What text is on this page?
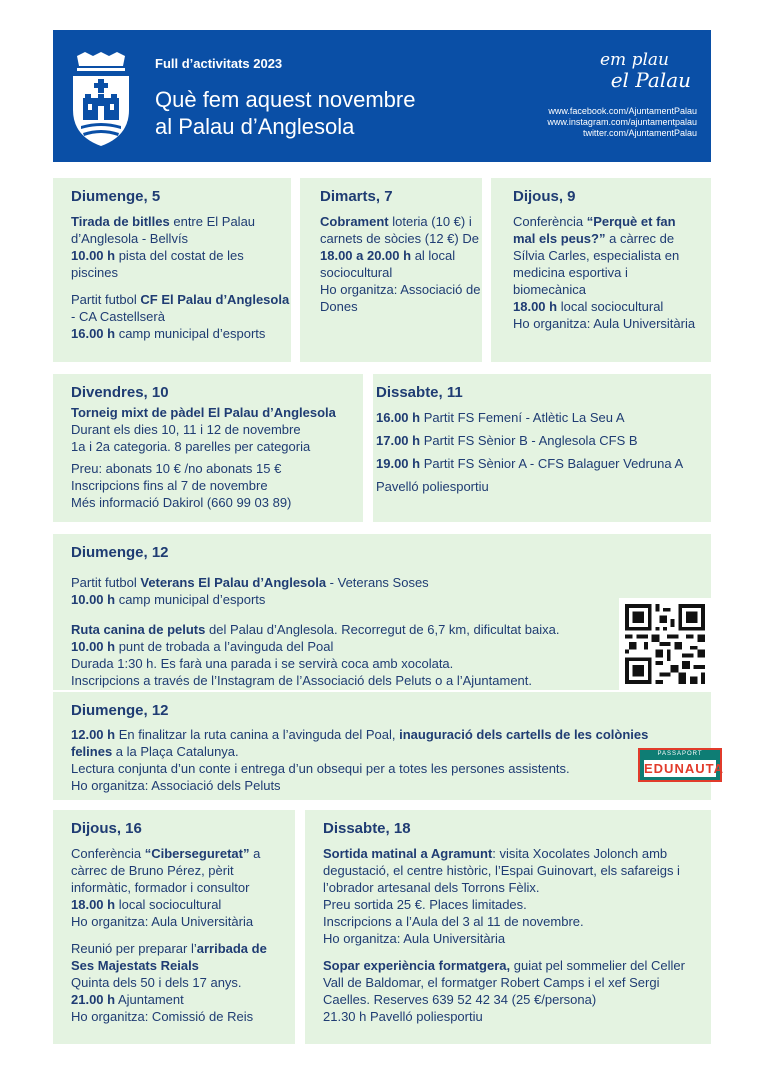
Full d’activitats 2023
Què fem aquest novembre
al Palau d’Anglesola
em plau
el Palau
www.facebook.com/AjuntamentPalau
www.instagram.com/ajuntamentpalau
twitter.com/AjuntamentPalau
Diumenge, 5

Tirada de bitlles entre El Palau d’Anglesola - Bellvís

10.00 h pista del costat de les piscines

Partit futbol CF El Palau d’Anglesola - CA Castellserà

16.00 h camp municipal d’esports

Dimarts, 7

Cobrament loteria (10 €) i carnets de sòcies (12 €) De 18.00 a 20.00 h al local sociocultural

Ho organitza: Associació de Dones

Dijous, 9

Conferència “Perquè et fan mal els peus?” a càrrec de Sílvia Carles, especialista en medicina esportiva i biomecànica

18.00 h local sociocultural

Ho organitza: Aula Universitària

Divendres, 10

Torneig mixt de pàdel El Palau d’Anglesola

Durant els dies 10, 11 i 12 de novembre

1a i 2a categoria. 8 parelles per categoria

Preu: abonats 10 € /no abonats 15 €

Inscripcions fins al 7 de novembre

Més informació Dakirol (660 99 03 89)

Dissabte, 11

16.00 h Partit FS Femení - Atlètic La Seu A

17.00 h Partit FS Sènior B - Anglesola CFS B

19.00 h Partit FS Sènior A - CFS Balaguer Vedruna A

Pavelló poliesportiu

Diumenge, 12

Partit futbol Veterans El Palau d’Anglesola - Veterans Soses

10.00 h camp municipal d’esports

Ruta canina de peluts del Palau d’Anglesola. Recorregut de 6,7 km, dificultat baixa.

10.00 h punt de trobada a l’avinguda del Poal

Durada 1:30 h. Es farà una parada i se servirà coca amb xocolata.

Inscripcions a través de l’Instagram de l’Associació dels Peluts o a l’Ajuntament.

Diumenge, 12

12.00 h En finalitzar la ruta canina a l’avinguda del Poal, inauguració dels cartells de les colònies felines a la Plaça Catalunya.

Lectura conjunta d’un conte i entrega d’un obsequi per a totes les persones assistents.

Ho organitza: Associació dels Peluts

PASSAPORT
EDUNAUTA
Dijous, 16

Conferència “Ciberseguretat” a càrrec de Bruno Pérez, pèrit informàtic, formador i consultor

18.00 h local sociocultural

Ho organitza: Aula Universitària

Reunió per preparar l’arribada de Ses Majestats Reials

Quinta dels 50 i dels 17 anys.

21.00 h Ajuntament

Ho organitza: Comissió de Reis

Dissabte, 18

Sortida matinal a Agramunt: visita Xocolates Jolonch amb degustació, el centre històric, l’Espai Guinovart, els safareigs i l’obrador artesanal dels Torrons Fèlix.

Preu sortida 25 €. Places limitades.

Inscripcions a l’Aula del 3 al 11 de novembre.

Ho organitza: Aula Universitària

Sopar experiència formatgera, guiat pel sommelier del Celler Vall de Baldomar, el formatger Robert Camps i el xef Sergi Caelles. Reserves 639 52 42 34 (25 €/persona)

21.30 h Pavelló poliesportiu
